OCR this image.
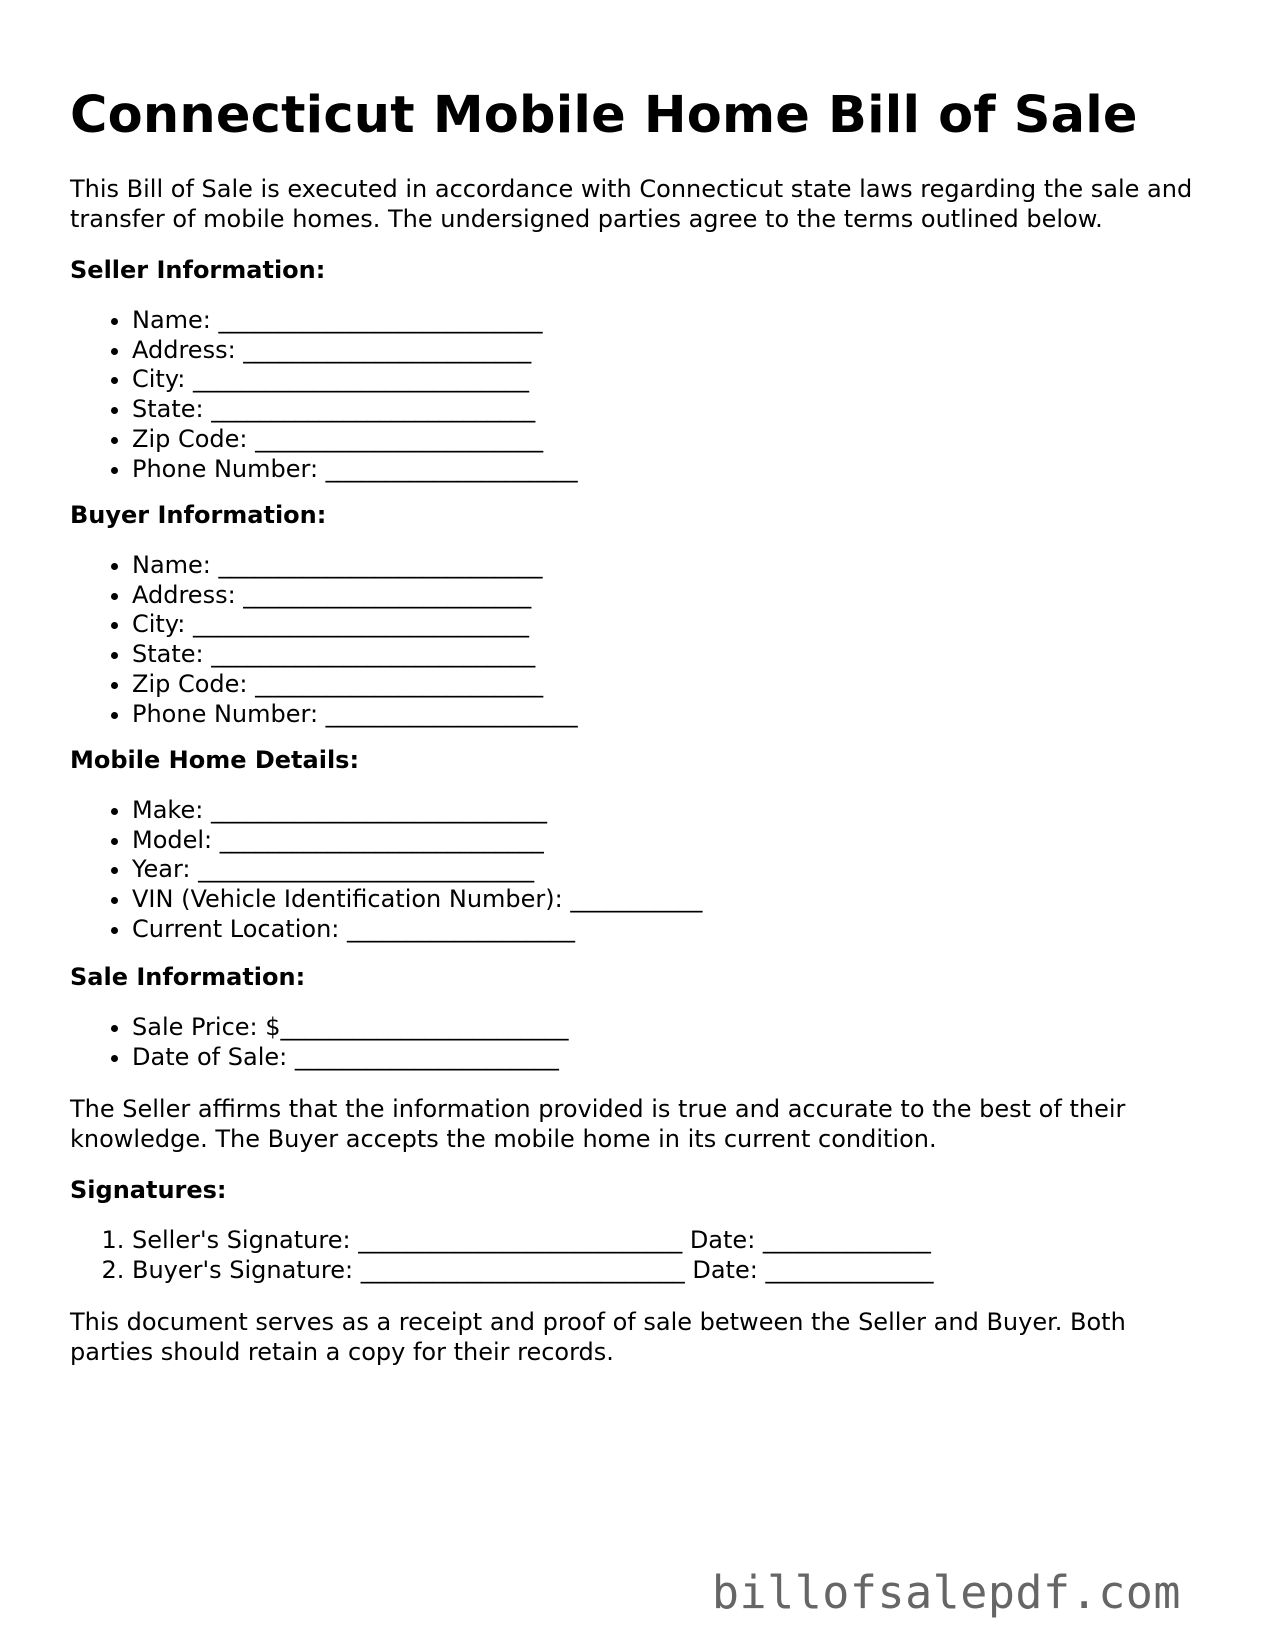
Connecticut Mobile Home Bill of Sale

This Bill of Sale is executed in accordance with Connecticut state laws regarding the sale and transfer of mobile homes. The undersigned parties agree to the terms outlined below.

Seller Information:

• Name: ___________________________
• Address: ________________________
• City: ____________________________
• State: ___________________________
• Zip Code: ________________________
• Phone Number: _____________________

Buyer Information:

• Name: ___________________________
• Address: ________________________
• City: ____________________________
• State: ___________________________
• Zip Code: ________________________
• Phone Number: _____________________

Mobile Home Details:

• Make: ____________________________
• Model: ___________________________
• Year: ____________________________
• VIN (Vehicle Identification Number): ___________
• Current Location: ___________________

Sale Information:

• Sale Price: $________________________
• Date of Sale: ______________________

The Seller affirms that the information provided is true and accurate to the best of their knowledge. The Buyer accepts the mobile home in its current condition.

Signatures:

1. Seller's Signature: ___________________________ Date: ______________
2. Buyer's Signature: ___________________________ Date: ______________

This document serves as a receipt and proof of sale between the Seller and Buyer. Both parties should retain a copy for their records.

billofsalepdf.com
